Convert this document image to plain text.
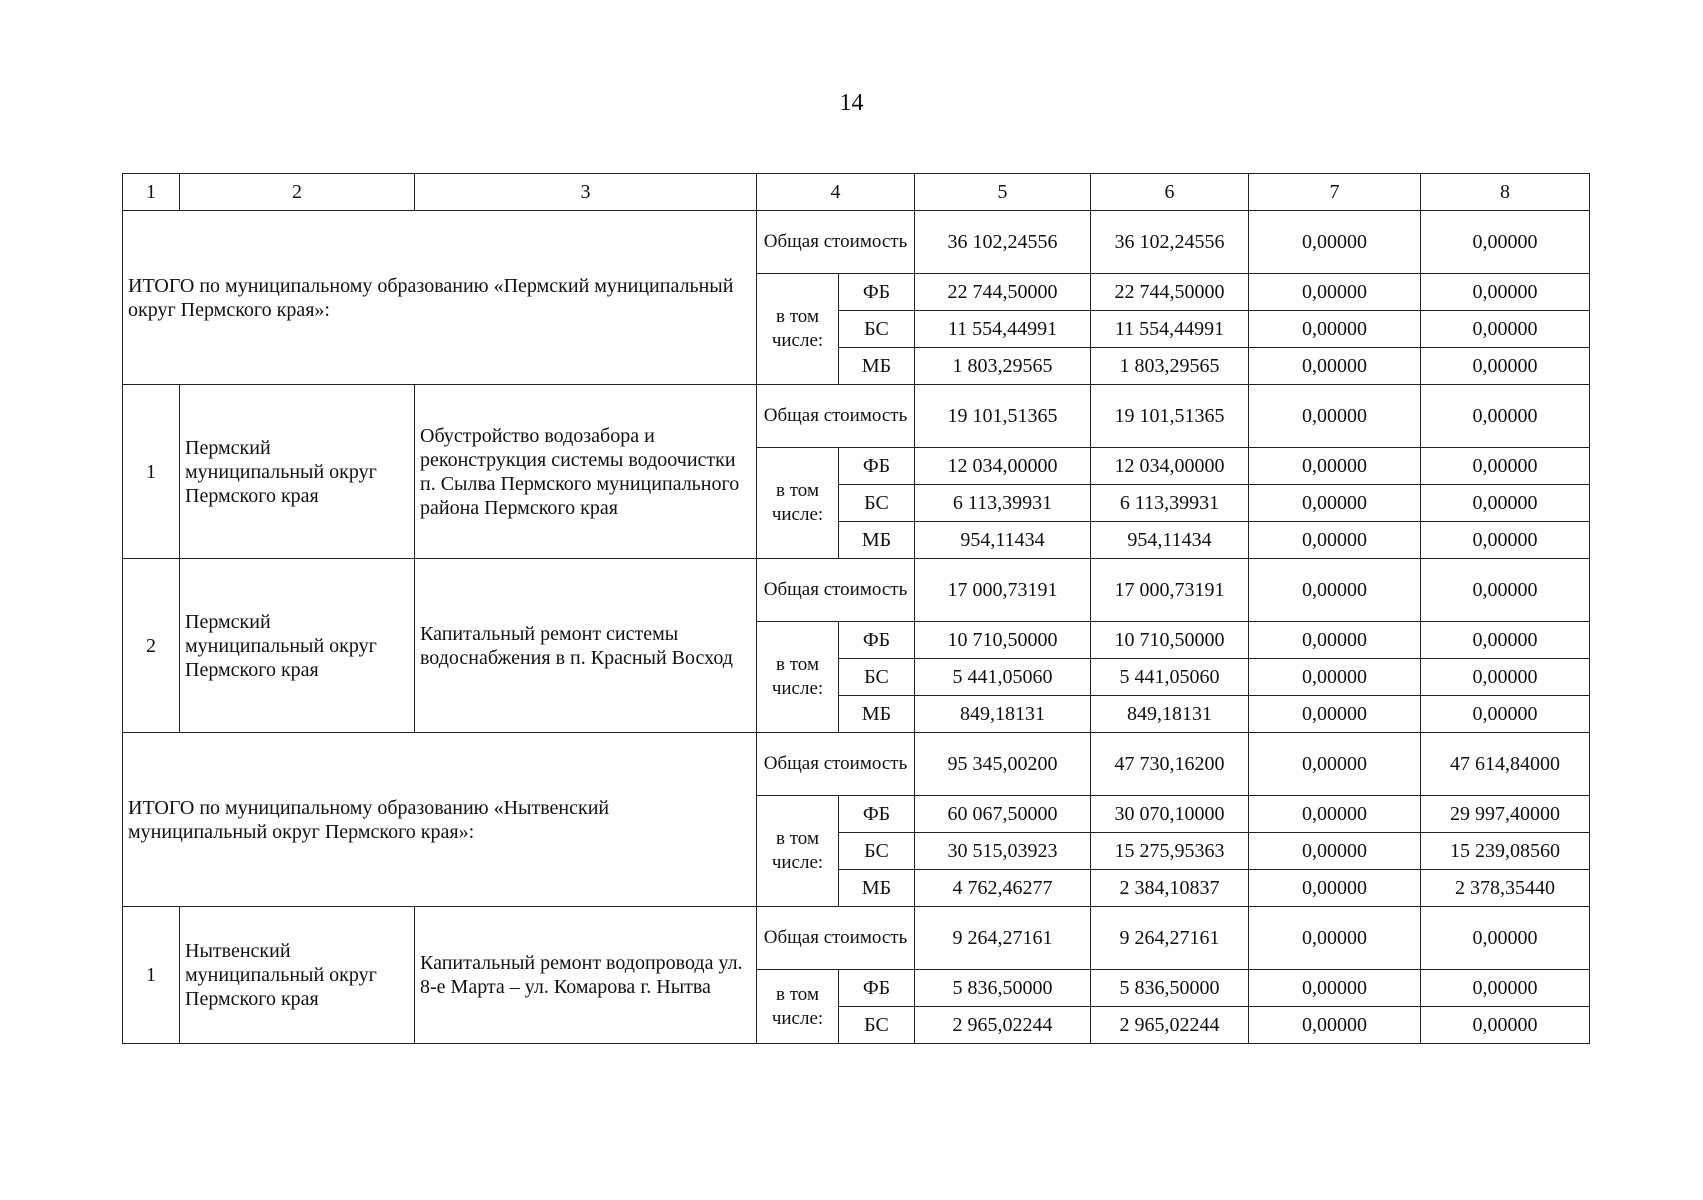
14
1	2	3	4		5	6	7	8
ИТОГО по муниципальному образованию «Пермский муниципальный округ Пермского края»:			Общая стоимость		36 102,24556	36 102,24556	0,00000	0,00000
			в том числе:	ФБ	22 744,50000	22 744,50000	0,00000	0,00000
				БС	11 554,44991	11 554,44991	0,00000	0,00000
				МБ	1 803,29565	1 803,29565	0,00000	0,00000
1	Пермский муниципальный округ Пермского края	Обустройство водозабора и реконструкция системы водоочистки п. Сылва Пермского муниципального района Пермского края	Общая стоимость		19 101,51365	19 101,51365	0,00000	0,00000
			в том числе:	ФБ	12 034,00000	12 034,00000	0,00000	0,00000
				БС	6 113,39931	6 113,39931	0,00000	0,00000
				МБ	954,11434	954,11434	0,00000	0,00000
2	Пермский муниципальный округ Пермского края	Капитальный ремонт системы водоснабжения в п. Красный Восход	Общая стоимость		17 000,73191	17 000,73191	0,00000	0,00000
			в том числе:	ФБ	10 710,50000	10 710,50000	0,00000	0,00000
				БС	5 441,05060	5 441,05060	0,00000	0,00000
				МБ	849,18131	849,18131	0,00000	0,00000
ИТОГО по муниципальному образованию «Нытвенский муниципальный округ Пермского края»:			Общая стоимость		95 345,00200	47 730,16200	0,00000	47 614,84000
			в том числе:	ФБ	60 067,50000	30 070,10000	0,00000	29 997,40000
				БС	30 515,03923	15 275,95363	0,00000	15 239,08560
				МБ	4 762,46277	2 384,10837	0,00000	2 378,35440
1	Нытвенский муниципальный округ Пермского края	Капитальный ремонт водопровода ул. 8-е Марта – ул. Комарова г. Нытва	Общая стоимость		9 264,27161	9 264,27161	0,00000	0,00000
			в том числе:	ФБ	5 836,50000	5 836,50000	0,00000	0,00000
				БС	2 965,02244	2 965,02244	0,00000	0,00000
